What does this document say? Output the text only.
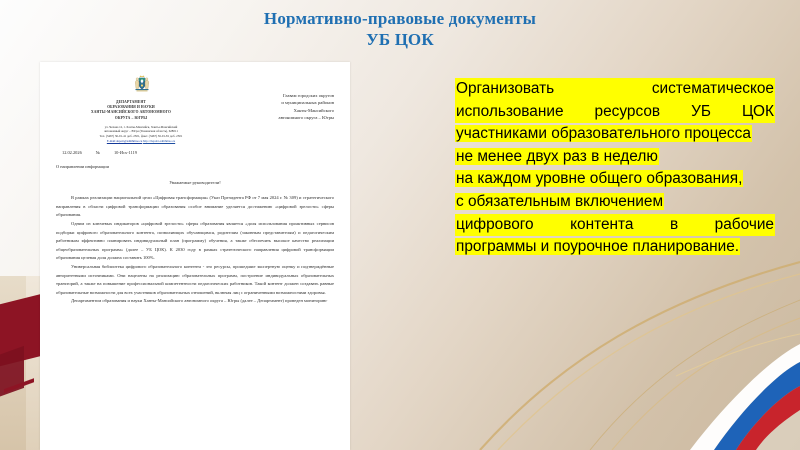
Нормативно-правовые документы
УБ ЦОК
ДЕПАРТАМЕНТ
ОБРАЗОВАНИЯ И НАУКИ
ХАНТЫ-МАНСИЙСКОГО АВТОНОМНОГО
ОКРУГА – ЮГРЫ
ул. Чехова 12, г. Ханты-Мансийск, Ханты-Мансийский
автономный округ – Югра (Тюменская область), 628011
Тел. (3467) 36-01-41 доб. 2501, факс: (3467) 36-01-81 доб. 2501
E-mail:depoit@admhmao.ru http://depobr.admhmao.ru
Главам городских округов
и муниципальных районов
Ханты-Мансийского
автономного округа – Югры
12.02.2026	№	10-Исх-1119
О направлении информации
Уважаемые руководители!

В рамках реализации национальной цели «Цифровая трансформация» (Указ Президента РФ от 7 мая 2024 г. № 309) и стратегического направления в области цифровой трансформации образования особое внимание уделяется достижению «цифровой зрелости» сферы образования.

Одним из ключевых индикаторов «цифровой зрелости» сферы образования является «доля использования проактивных сервисов подборки цифрового образовательного контента, позволяющих обучающимся, родителям (законным представителям) и педагогическим работникам эффективно планировать индивидуальный план (программу) обучения, а также обеспечить высокое качество реализации общеобразовательных программ» (далее – УБ ЦОК). К 2030 году в рамках стратегического направления цифровой трансформации образования целевая доля должна составить 100%.

Универсальная библиотека цифрового образовательного контента - это ресурсы, прошедшие экспертную оценку и подтверждённые авторитетными источниками. Они нацелены на реализацию образовательных программ, построение индивидуальных образовательных траекторий, а также на повышение профессиональной компетентности педагогических работников. Такой контент должен создавать равные образовательные возможности для всех участников образовательных отношений, включая лиц с ограниченными возможностями здоровья.

Департаментом образования и науки Ханты-Мансийского автономного округа – Югры (далее – Департамент) проведен мониторинг

Организовать систематическое
использование ресурсов УБ ЦОК
участниками образовательного процесса
не менее двух раз в неделю
на каждом уровне общего образования,
с обязательным включением
цифрового контента в рабочие
программы и поурочное планирование.
